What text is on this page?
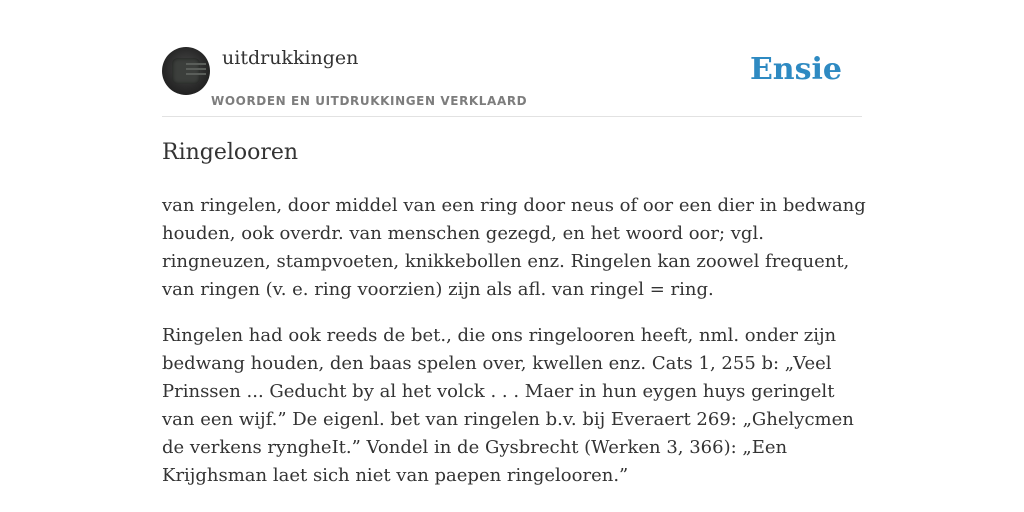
uitdrukkingen
WOORDEN EN UITDRUKKINGEN VERKLAARD
Ensie
Ringelooren

van ringelen, door middel van een ring door neus of oor een dier in bedwang houden, ook overdr. van menschen gezegd, en het woord oor; vgl. ringneuzen, stampvoeten, knikkebollen enz. Ringelen kan zoowel frequent, van ringen (v. e. ring voorzien) zijn als afl. van ringel = ring.

Ringelen had ook reeds de bet., die ons ringelooren heeft, nml. onder zijn bedwang houden, den baas spelen over, kwellen enz. Cats 1, 255 b: „Veel Prinssen ... Geducht by al het volck . . . Maer in hun eygen huys geringelt van een wijf.” De eigenl. bet van ringelen b.v. bij Everaert 269: „Ghelycmen de verkens ryngheIt.” Vondel in de Gysbrecht (Werken 3, 366): „Een Krijghsman laet sich niet van paepen ringelooren.”
